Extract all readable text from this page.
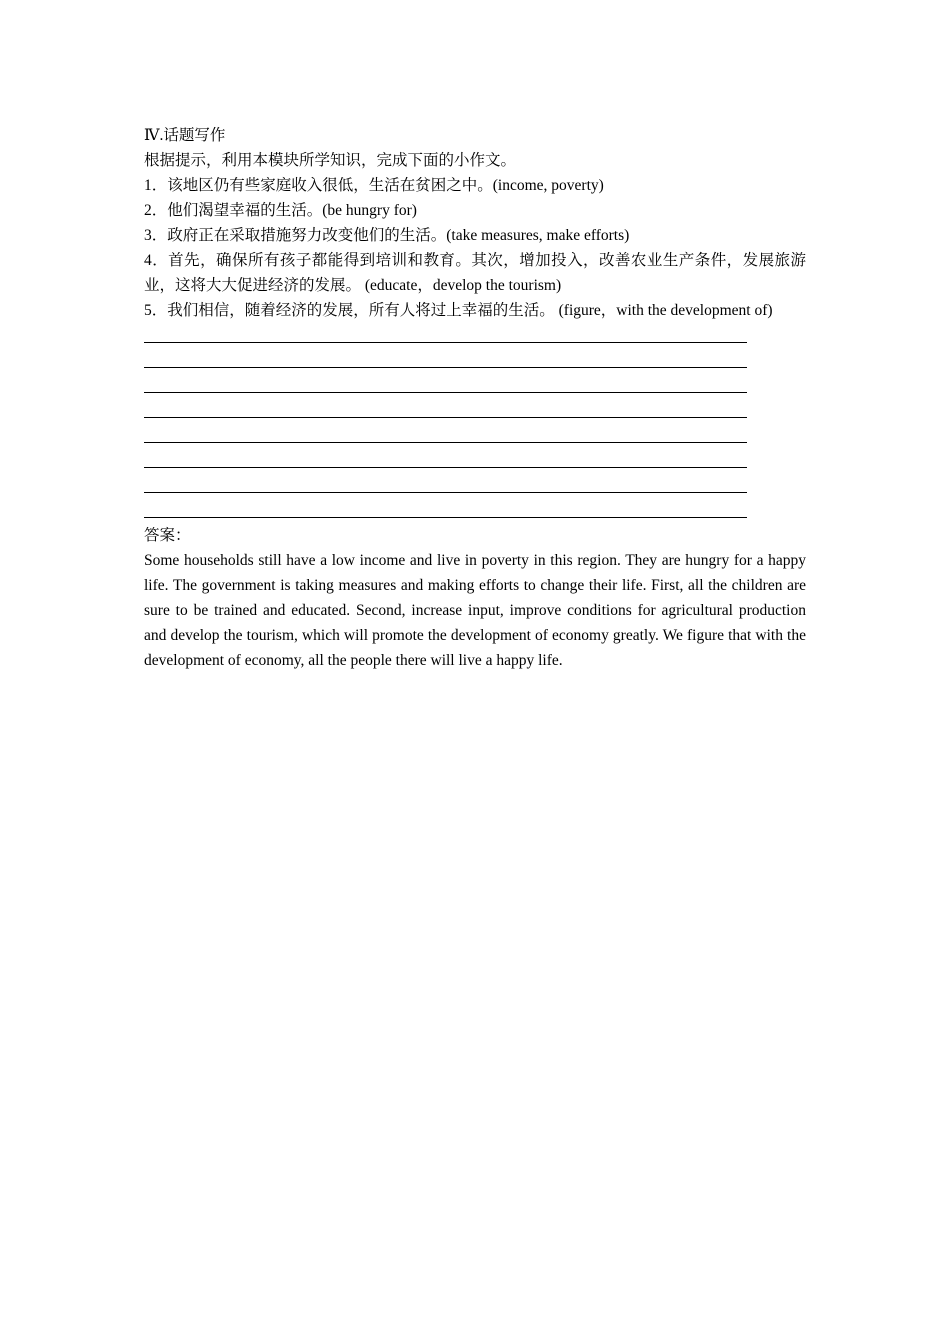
Ⅳ.话题写作
根据提示，利用本模块所学知识，完成下面的小作文。
1．该地区仍有些家庭收入很低，生活在贫困之中。(income, poverty)
2．他们渴望幸福的生活。(be hungry for)
3．政府正在采取措施努力改变他们的生活。(take measures, make efforts)
4．首先，确保所有孩子都能得到培训和教育。其次，增加投入，改善农业生产条件，发展旅游业，这将大大促进经济的发展。 (educate，develop the tourism)
5．我们相信，随着经济的发展，所有人将过上幸福的生活。 (figure，with the development of)
答案：
Some households still have a low income and live in poverty in this region. They are hungry for a happy life. The government is taking measures and making efforts to change their life. First, all the children are sure to be trained and educated. Second, increase input, improve conditions for agricultural production and develop the tourism, which will promote the development of economy greatly. We figure that with the development of economy, all the people there will live a happy life.
